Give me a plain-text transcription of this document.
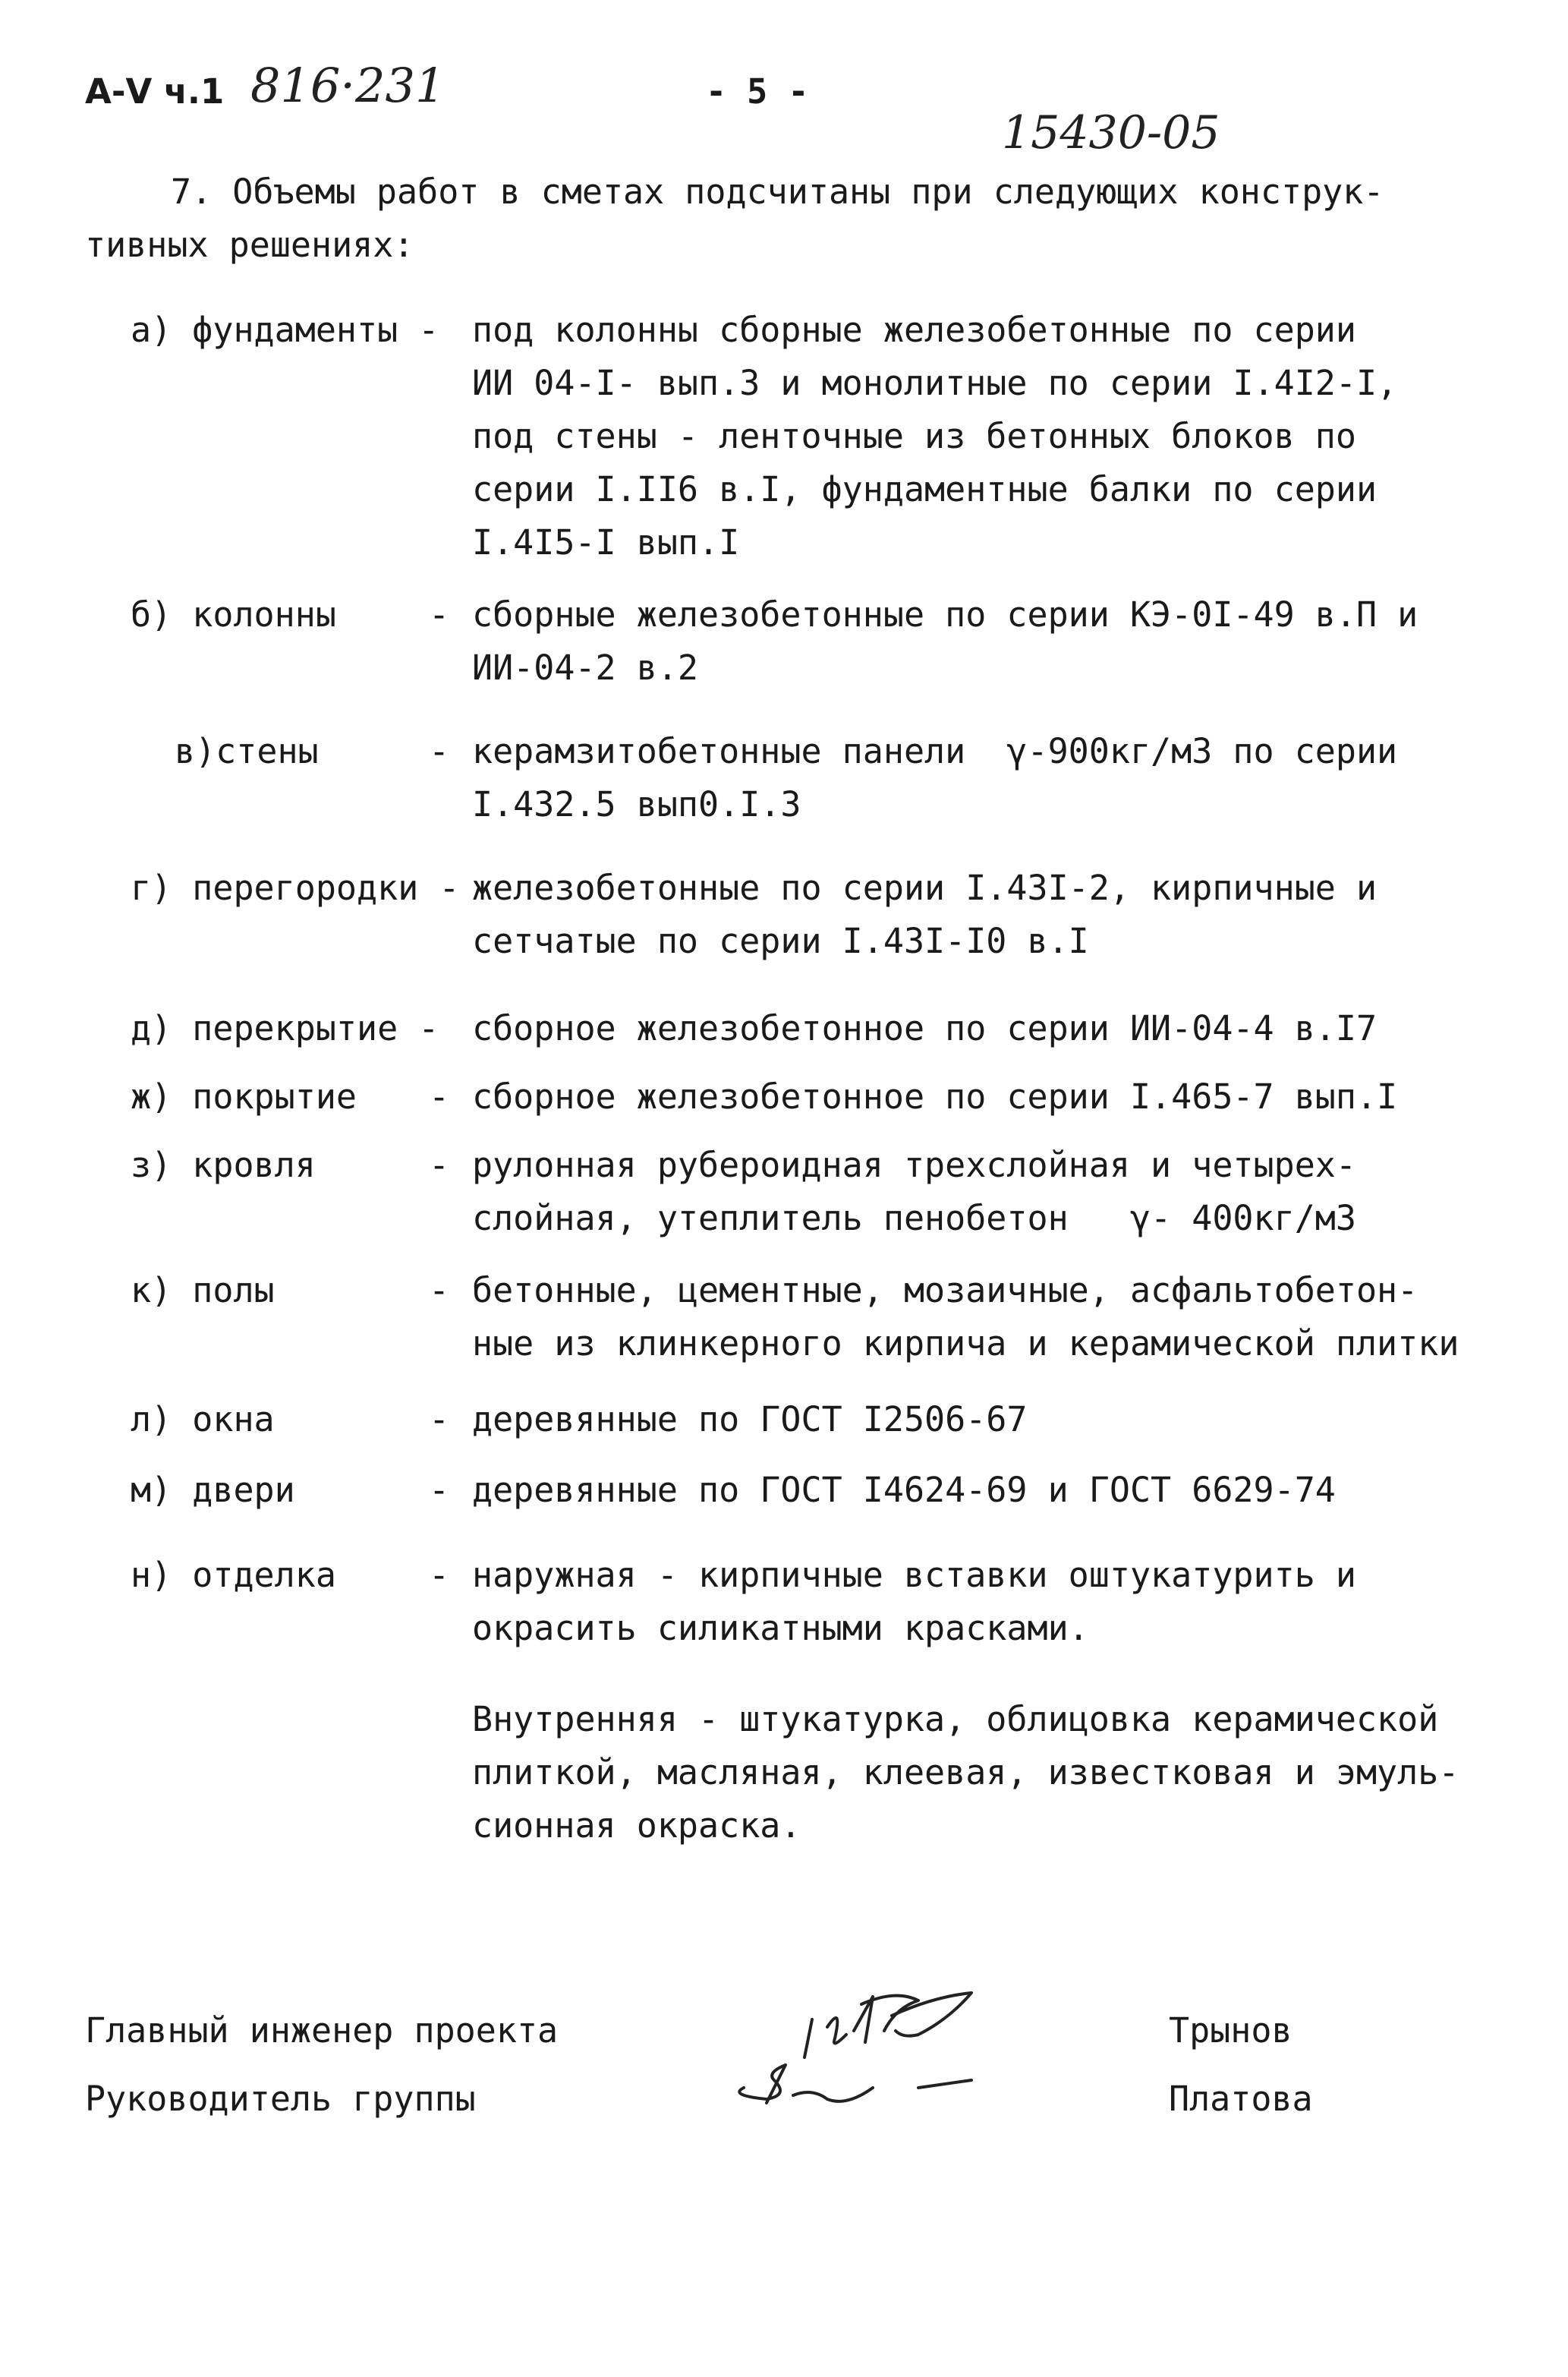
А-Ⅴ ч.1 816·231	- 5 -
15430-05
7. Объемы работ в сметах подсчитаны при следующих конструк-
тивных решениях:
а) фундаменты - под колонны сборные железобетонные по серии
ИИ 04-I- вып.3 и монолитные по серии I.4I2-I,
под стены - ленточные из бетонных блоков по
серии I.II6 в.I, фундаментные балки по серии
I.4I5-I вып.I
б) колонны	- сборные железобетонные по серии КЭ-0I-49 в.П и
ИИ-04-2 в.2
в)стены	- керамзитобетонные панели  γ-900кг/м3 по серии
I.432.5 вып0.I.3
г) перегородки - железобетонные по серии I.43I-2, кирпичные и
сетчатые по серии I.43I-I0 в.I
д) перекрытие - сборное железобетонное по серии ИИ-04-4 в.I7
ж) покрытие - сборное железобетонное по серии I.465-7 вып.I
з) кровля	- рулонная рубероидная трехслойная и четырех-
слойная, утеплитель пенобетон   γ- 400кг/м3
к) полы	- бетонные, цементные, мозаичные, асфальтобетон-
ные из клинкерного кирпича и керамической плитки
л) окна	- деревянные по ГОСТ I2506-67
м) двери	- деревянные по ГОСТ I4624-69 и ГОСТ 6629-74
н) отделка	- наружная - кирпичные вставки оштукатурить и
окрасить силикатными красками.
Внутренняя - штукатурка, облицовка керамической
плиткой, масляная, клеевая, известковая и эмуль-
сионная окраска.
Главный инженер проекта
Руководитель группы
Трынов
Платова
